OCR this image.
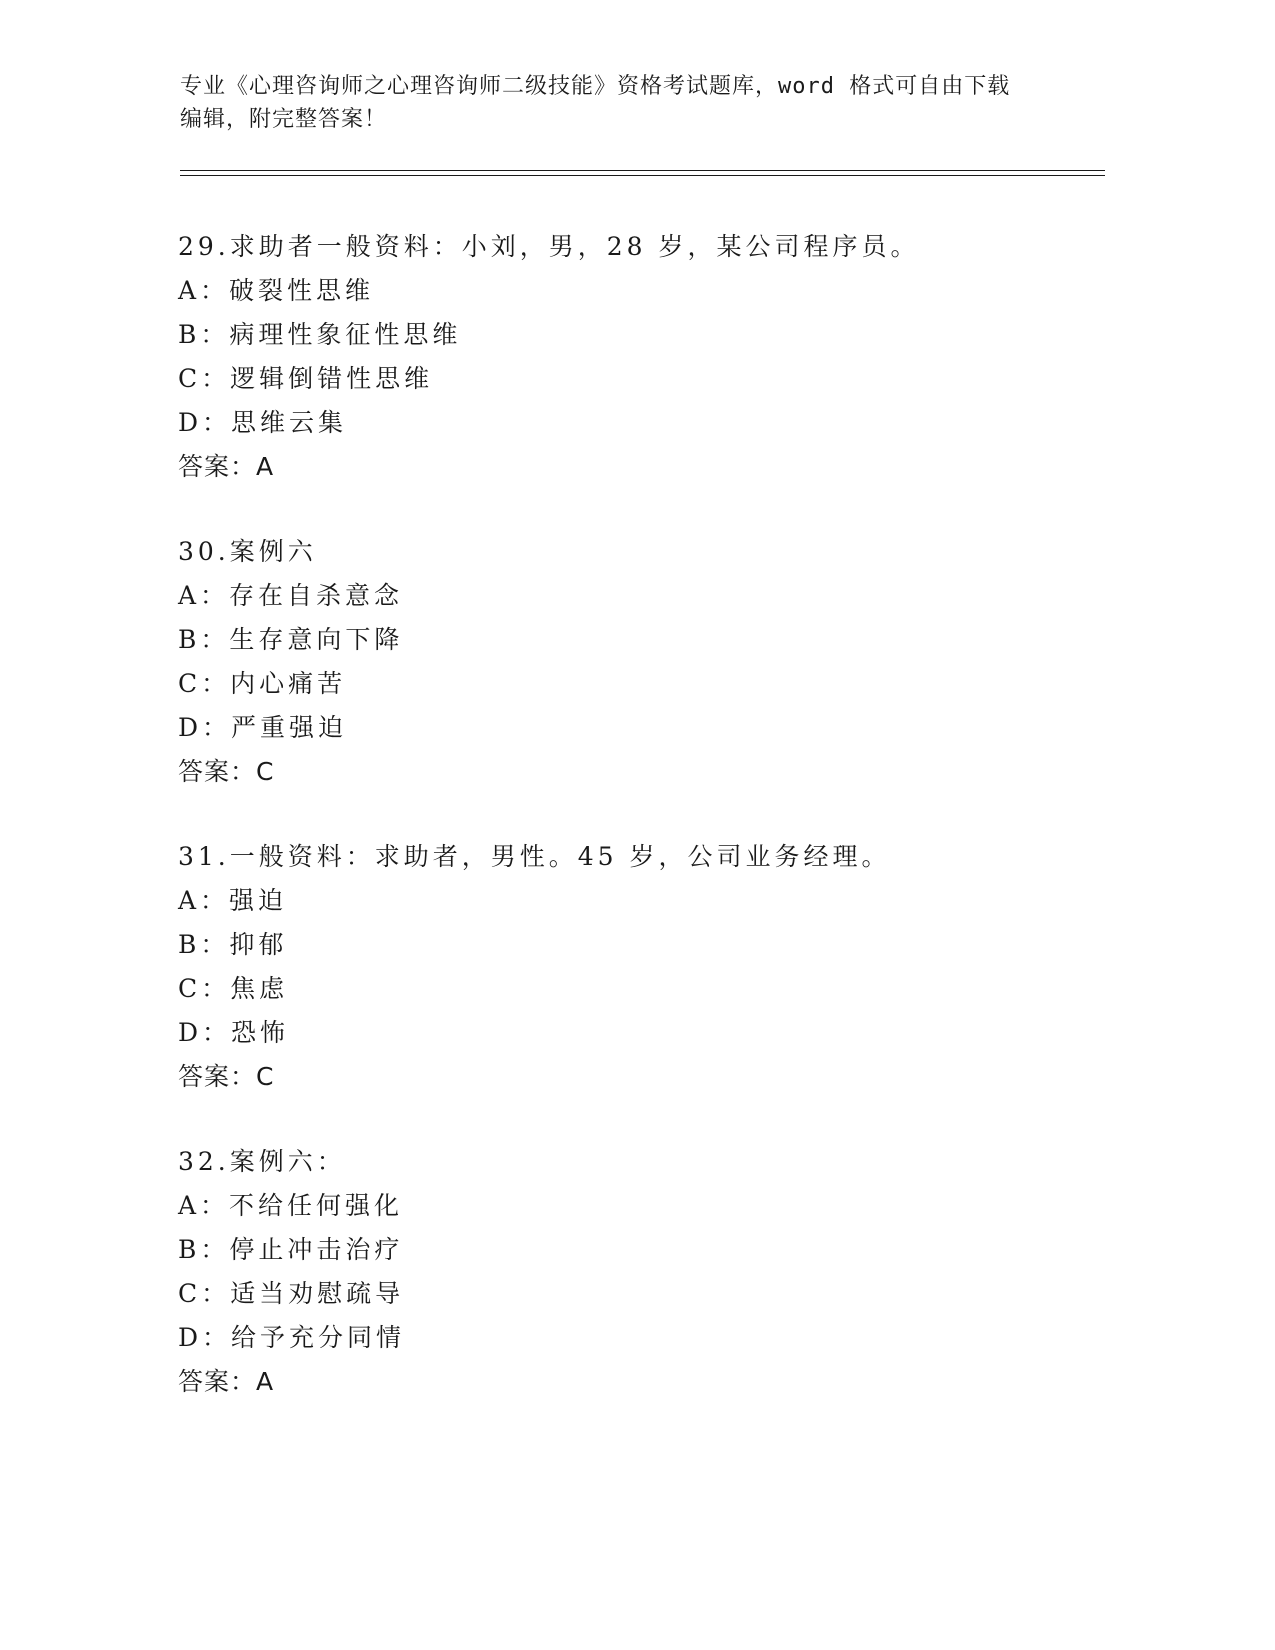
专业《心理咨询师之心理咨询师二级技能》资格考试题库，word 格式可自由下载
编辑，附完整答案！
29.求助者一般资料：小刘，男，28 岁，某公司程序员。
A：破裂性思维
B：病理性象征性思维
C：逻辑倒错性思维
D：思维云集
答案：A
30.案例六
A：存在自杀意念
B：生存意向下降
C：内心痛苦
D：严重强迫
答案：C
31.一般资料：求助者，男性。45 岁，公司业务经理。
A：强迫
B：抑郁
C：焦虑
D：恐怖
答案：C
32.案例六：
A：不给任何强化
B：停止冲击治疗
C：适当劝慰疏导
D：给予充分同情
答案：A
